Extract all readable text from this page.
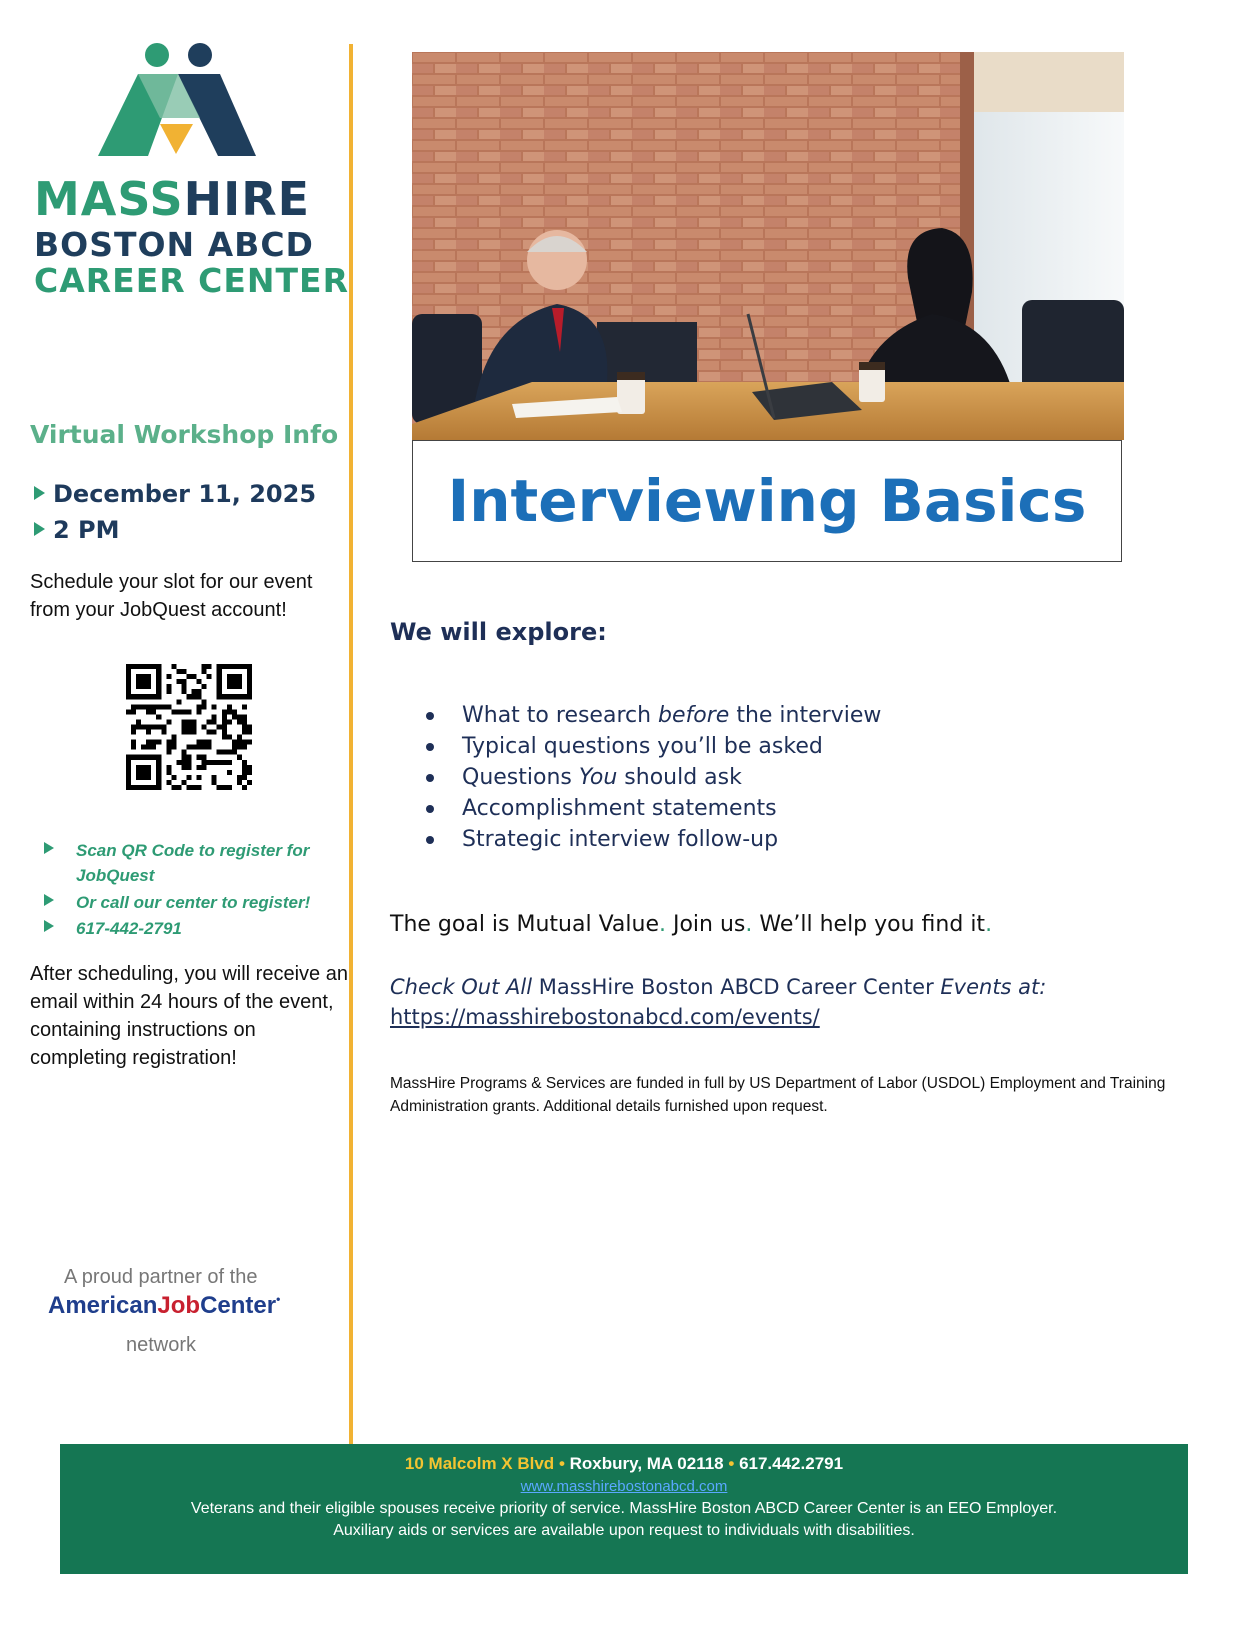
MASSHIRE
BOSTON ABCD
CAREER CENTER
Virtual Workshop Info
December 11, 2025
2 PM
Schedule your slot for our event from your JobQuest account!
Scan QR Code to register for JobQuest
Or call our center to register!
617-442-2791
After scheduling, you will receive an email within 24 hours of the event, containing instructions on completing registration!
A proud partner of the
AmericanJobCenter•
network
Interviewing Basics
We will explore:
What to research before the interview
Typical questions you’ll be asked
Questions You should ask
Accomplishment statements
Strategic interview follow-up
The goal is Mutual Value. Join us. We’ll help you find it.
Check Out All MassHire Boston ABCD Career Center Events at:
https://masshirebostonabcd.com/events/
MassHire Programs & Services are funded in full by US Department of Labor (USDOL) Employment and Training Administration grants. Additional details furnished upon request.
10 Malcolm X Blvd • Roxbury, MA 02118 • 617.442.2791
www.masshirebostonabcd.com
Veterans and their eligible spouses receive priority of service. MassHire Boston ABCD Career Center is an EEO Employer.
Auxiliary aids or services are available upon request to individuals with disabilities.
